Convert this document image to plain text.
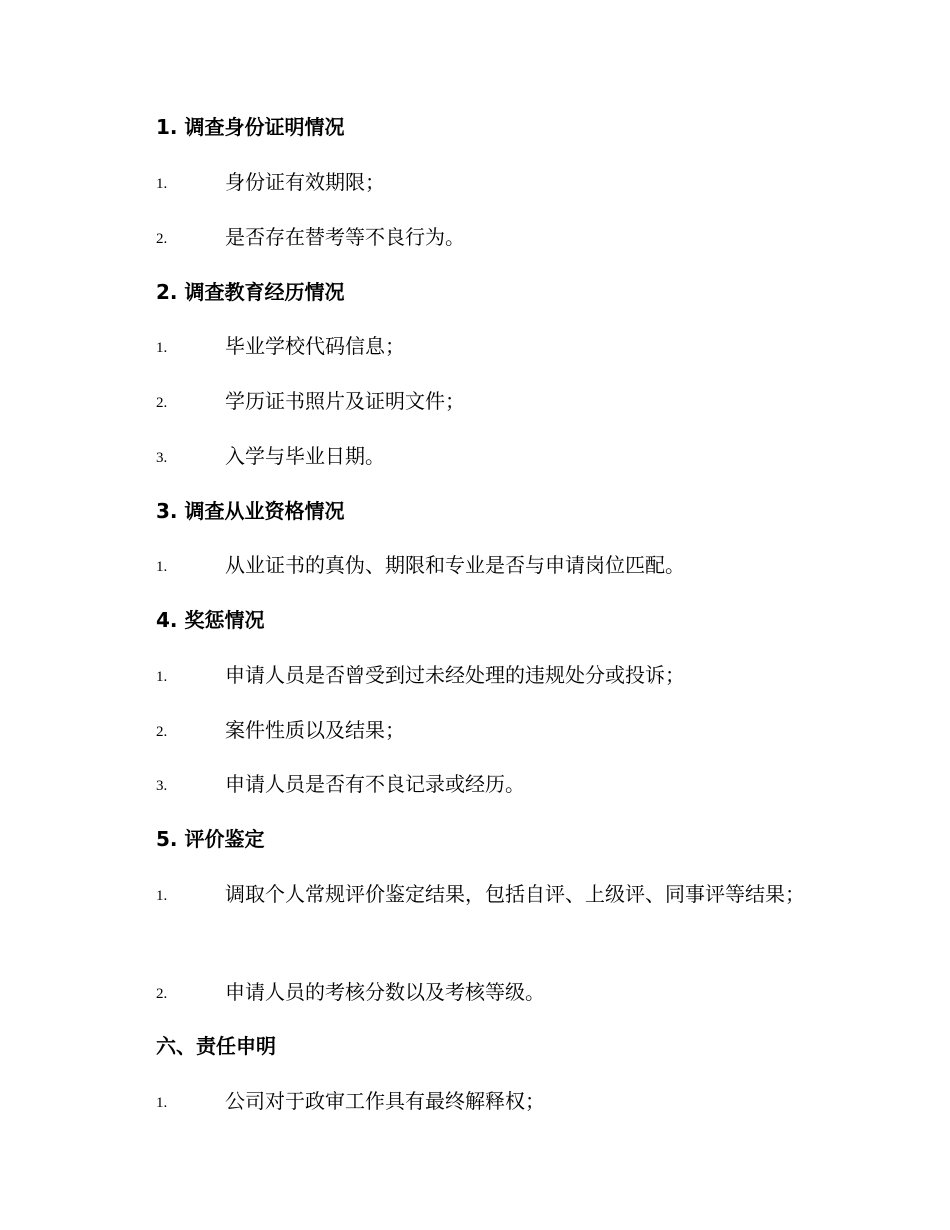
1. 调查身份证明情况
1.	身份证有效期限；
2.	是否存在替考等不良行为。
2. 调查教育经历情况
1.	毕业学校代码信息；
2.	学历证书照片及证明文件；
3.	入学与毕业日期。
3. 调查从业资格情况
1.	从业证书的真伪、期限和专业是否与申请岗位匹配。
4. 奖惩情况
1.	申请人员是否曾受到过未经处理的违规处分或投诉；
2.	案件性质以及结果；
3.	申请人员是否有不良记录或经历。
5. 评价鉴定
1.	调取个人常规评价鉴定结果，包括自评、上级评、同事评等结果；
2.	申请人员的考核分数以及考核等级。
六、责任申明
1.	公司对于政审工作具有最终解释权；
